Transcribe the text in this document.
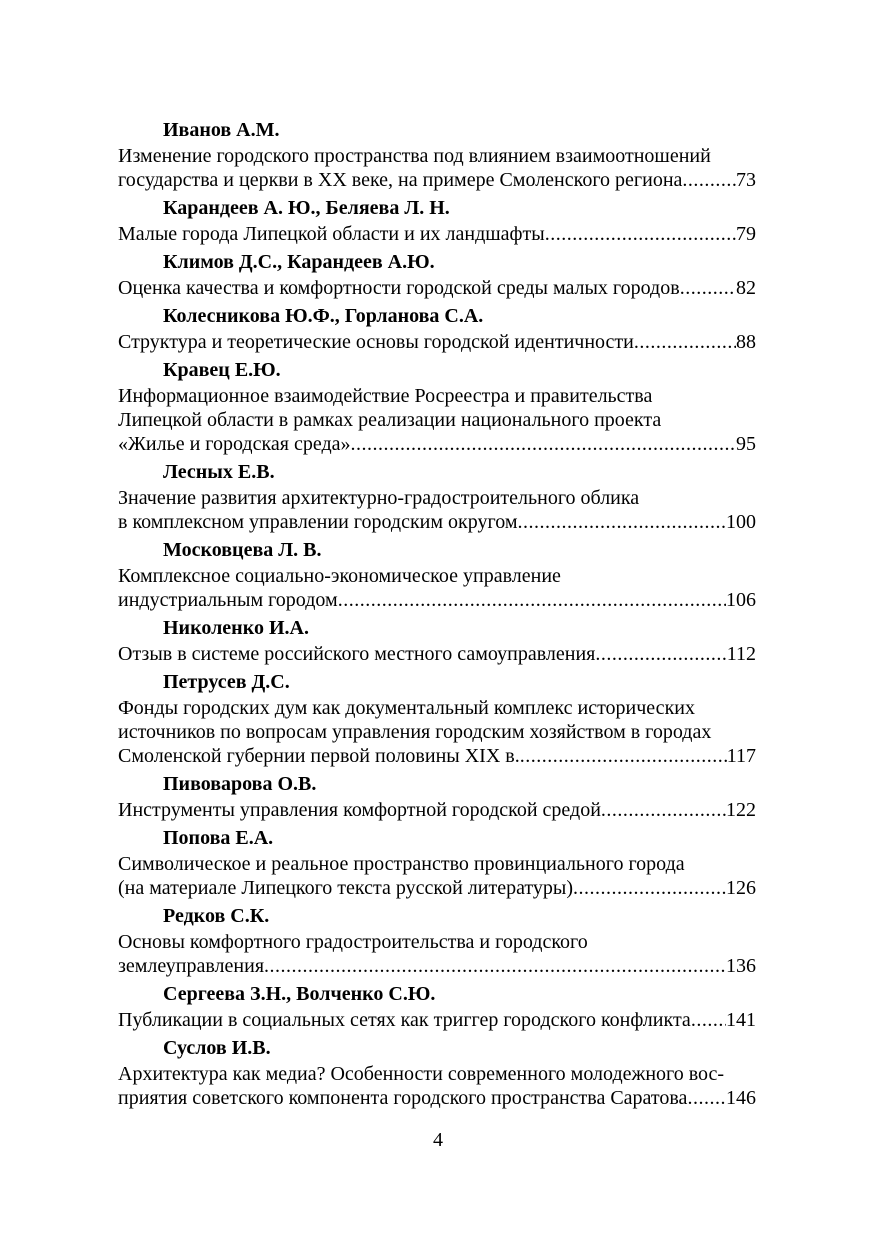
Иванов А.М.
Изменение городского пространства под влиянием взаимоотношений
государства и церкви в XX веке, на примере Смоленского региона .....	73
Карандеев А. Ю., Беляева Л. Н.
Малые города Липецкой области и их ландшафты .....	79
Климов Д.С., Карандеев А.Ю.
Оценка качества и комфортности городской среды малых городов .....	82
Колесникова Ю.Ф., Горланова С.А.
Структура и теоретические основы городской идентичности .....	88
Кравец Е.Ю.
Информационное взаимодействие Росреестра и правительства
Липецкой области в рамках реализации национального проекта
«Жилье и городская среда» .....	95
Лесных Е.В.
Значение развития архитектурно-градостроительного облика
в комплексном управлении городским округом .....	100
Московцева Л. В.
Комплексное социально-экономическое управление
индустриальным городом .....	106
Николенко И.А.
Отзыв в системе российского местного самоуправления .....	112
Петрусев Д.С.
Фонды городских дум как документальный комплекс исторических
источников по вопросам управления городским хозяйством в городах
Смоленской губернии первой половины XIX в. .....	117
Пивоварова О.В.
Инструменты управления комфортной городской средой .....	122
Попова Е.А.
Символическое и реальное пространство провинциального города
(на материале Липецкого текста русской литературы) .....	126
Редков С.К.
Основы комфортного градостроительства и городского
землеуправления .....	136
Сергеева З.Н., Волченко С.Ю.
Публикации в социальных сетях как триггер городского конфликта ..... 141
Суслов И.В.
Архитектура как медиа? Особенности современного молодежного вос-
приятия советского компонента городского пространства Саратова ..... 146
4
